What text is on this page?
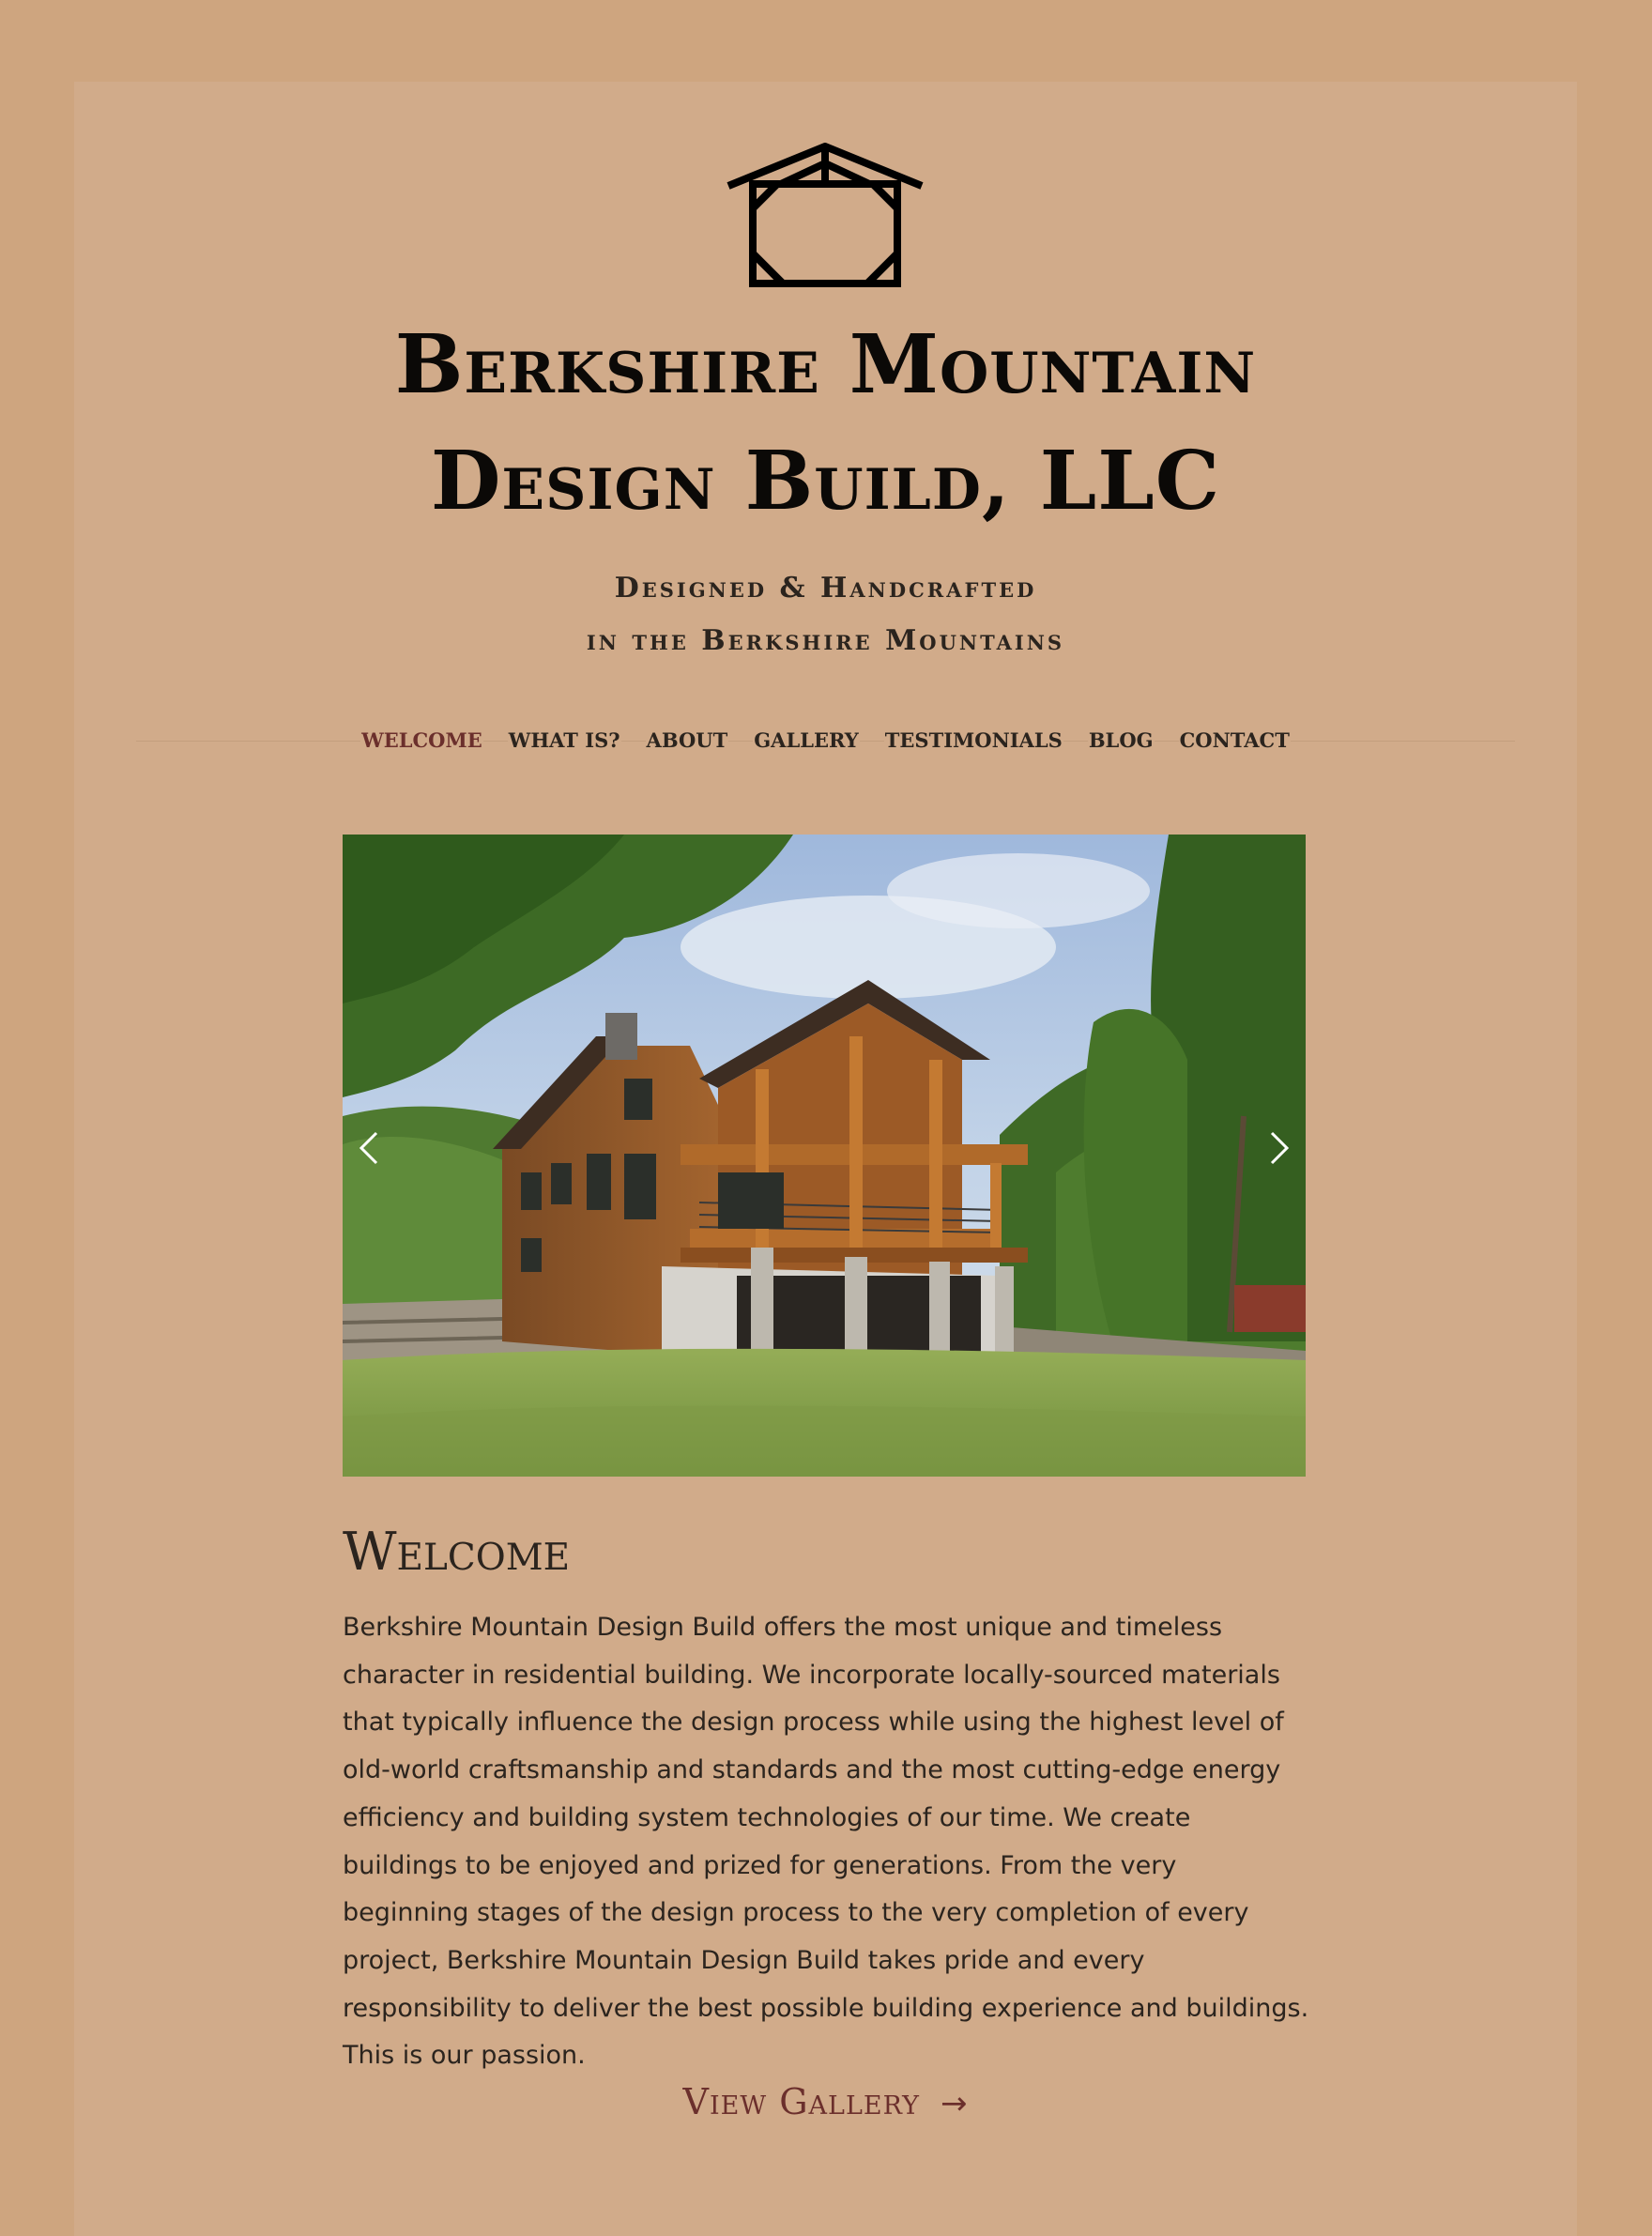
Berkshire Mountain
Design Build, LLC
Designed & Handcrafted
in the Berkshire Mountains
WELCOME WHAT IS? ABOUT GALLERY TESTIMONIALS BLOG CONTACT
Welcome

Berkshire Mountain Design Build offers the most unique and timeless character in residential building. We incorporate locally-sourced materials that typically influence the design process while using the highest level of old-world craftsmanship and standards and the most cutting-edge energy efficiency and building system technologies of our time. We create buildings to be enjoyed and prized for generations. From the very beginning stages of the design process to the very completion of every project, Berkshire Mountain Design Build takes pride and every responsibility to deliver the best possible building experience and buildings. This is our passion.

View Gallery →
